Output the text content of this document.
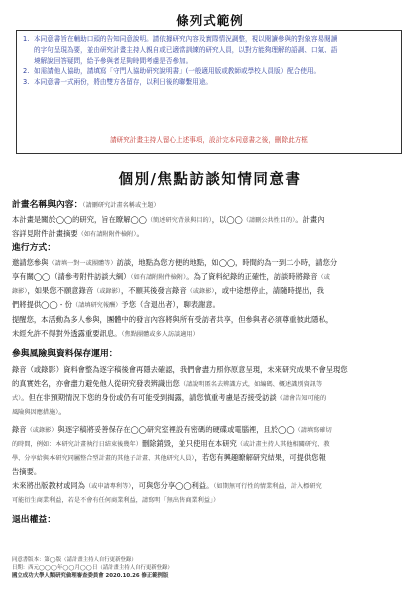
條列式範例
1. 本同意書旨在輔助口頭的告知同意說明。請依據研究內容及實際情況調整，視以閱讀參與的對象容易閱讀
的字句呈現為要，並由研究計畫主持人親自或已適當訓練的研究人員，以對方能夠理解的語調、口氣、語
境解說回答疑問，給予參與者足夠時間考慮是否參加。
2. 如需請他人協助，請填寫「守門人協助研究說明書」(一般適用版或教師或學校人員版）配合使用。
3. 本同意書一式兩份，將由雙方各留存，以利日後的聯繫用途。
請研究計畫主持人留心上述事項，設計完本同意書之後，刪除此方框
個別/焦點訪談知情同意書
計畫名稱與內容：（請刪研究計畫名稱或主題）
本計畫是關於◯◯的研究，旨在瞭解◯◯（簡述研究背景與目的），以◯◯（請刪公共性目的）。計畫內
容詳見附件計畫摘要（如有請附附件檢附）。
進行方式：
邀請您參與（請填一對一或團體等）訪談，地點為您方便的地點，如◯◯，時間約為一到二小時，請您分
享有關◯◯（請參考附件訪談大綱）（如有請附附件檢附）。為了資料紀錄的正確性，訪談時將錄音（或
錄影），如果您不願意錄音（或錄影），不願其後發言錄音（或錄影），或中途想停止，請隨時提出，我
們將提供◯◯ - 份（請填研究報酬）予您（含退出者），聊表謝意。
提醒您，本活動為多人參與，團體中的發言內容將與所有受訪者共享，但參與者必須尊重彼此隱私，
未經允許不得對外透露重要訊息。（焦點團體或多人訪談適用）
參與風險與資料保存運用：
錄音（或錄影）資料會整為逐字稿後會再隱去確認，我們會盡力照你原意呈現，未來研究成果不會呈現您
的真實姓名，亦會盡力避免他人從研究發表辨識出您（請說明匿名去辨識方式，如編碼、概述識別資訊等
式）。但在非預期情況下您的身份或仍有可能受到揭露，請您慎重考慮是否接受訪談（請會告知可能的
風險與因應措施）。
錄音（或錄影）與逐字稿將妥善保存在◯◯研究室裡設有密碼的硬碟或電腦裡，且於◯◯（請填寫確切
的時間，例如：本研究計畫執行日結束後幾年）刪除銷毀，並只使用在本研究（或計畫主持人其他相關研究、教
學、分享給與本研究同屬整合型計畫的其他子計畫、其他研究人員），若您有興趣瞭解研究結果，可提供您報
告摘要。
未來將出版教材或同為（或申請專利等），可與您分享◯◯利益。（如期無可行性的情業利益，計入標研究
可能衍生商業利益，若是不會有任何商業利益，請寫明「無出售商業利益」）
退出權益：
同意書版本：第◯版（請計畫主持人自行更新登錄）
日期：西元◯◯◯年◯◯月◯◯日（請計畫主持人自行更新登錄）
國立成功大學人類研究倫理審查委員會 2020.10.26 修正範例版
